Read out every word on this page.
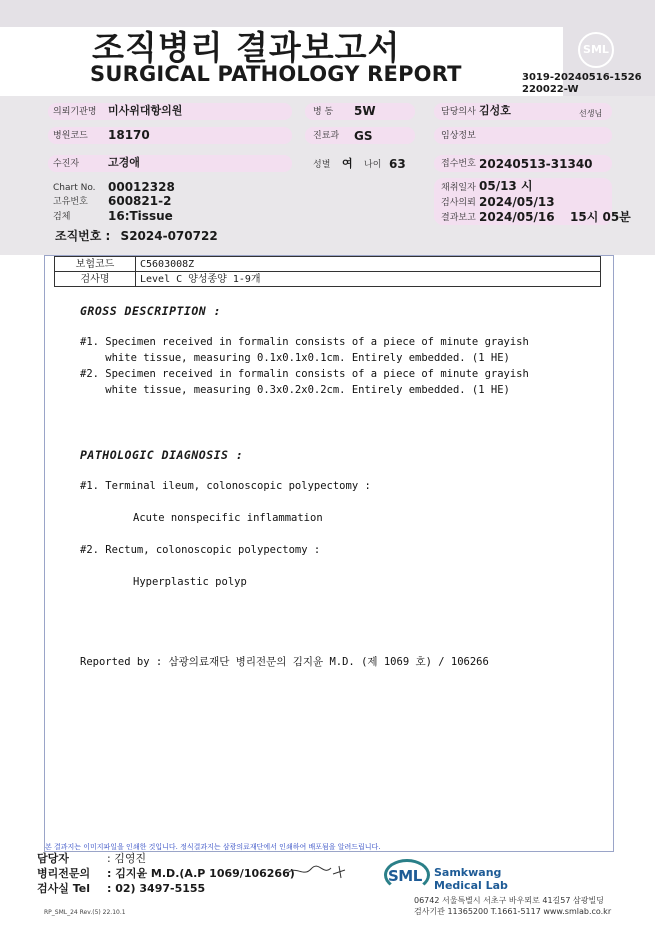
조직병리 결과보고서
SURGICAL PATHOLOGY REPORT
SML
3019-20240516-1526
220022-W
의뢰기관명 미사위대항의원	병 동 5W	담당의사 김성호	선생님
병원코드 18170	진료과 GS	임상정보
수진자	고경애	성별 여 나이 63	접수번호 20240513-31340
Chart No. 00012328
고유번호 600821-2
검체	16:Tissue
채취일자 05/13 시
검사의뢰 2024/05/13
결과보고 2024/05/16 15시 05분
조직번호 : S2024-070722
보험코드	C5603008Z
검사명	Level C 양성종양 1-9개
GROSS DESCRIPTION :
#1. Specimen received in formalin consists of a piece of minute grayish
white tissue, measuring 0.1x0.1x0.1cm. Entirely embedded. (1 HE)
#2. Specimen received in formalin consists of a piece of minute grayish
white tissue, measuring 0.3x0.2x0.2cm. Entirely embedded. (1 HE)
PATHOLOGIC DIAGNOSIS :
#1. Terminal ileum, colonoscopic polypectomy :
Acute nonspecific inflammation
#2. Rectum, colonoscopic polypectomy :
Hyperplastic polyp
Reported by : 삼광의료재단 병리전문의 김지윤 M.D. (제 1069 호) / 106266
본 결과지는 이미지파일을 인쇄한 것입니다. 정식결과지는 삼광의료재단에서 인쇄하여 배포됨을 알려드립니다.
담당자	: 김영진
병리전문의 : 김지윤 M.D.(A.P 1069/106266)
검사실 Tel : 02) 3497-5155
SML Samkwang
Medical Lab
06742 서울특별시 서초구 바우뫼로 41길57 삼광빌딩
검사기관 11365200 T.1661-5117 www.smlab.co.kr
RP_SML_24 Rev.(5) 22.10.1
